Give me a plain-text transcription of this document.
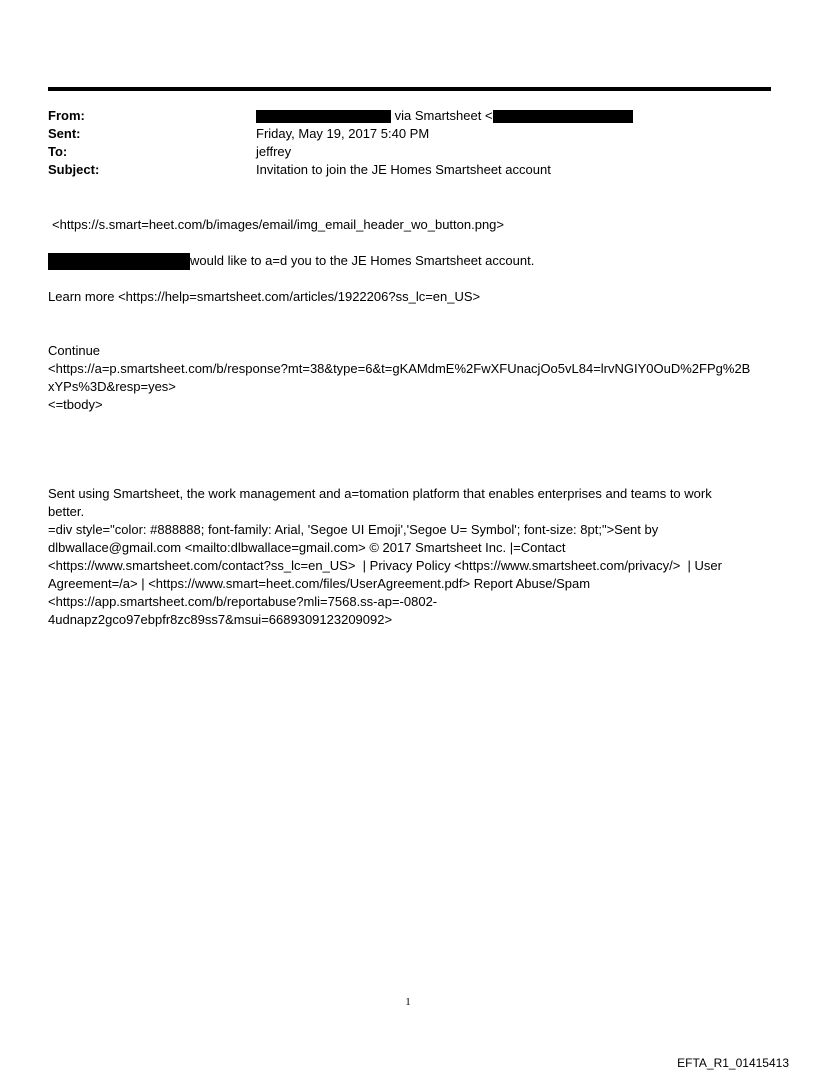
From:	via Smartsheet <
Sent:	Friday, May 19, 2017 5:40 PM
To:	jeffrey
Subject:	Invitation to join the JE Homes Smartsheet account
<https://s.smart=heet.com/b/images/email/img_email_header_wo_button.png>
would like to a=d you to the JE Homes Smartsheet account.
Learn more <https://help=smartsheet.com/articles/1922206?ss_lc=en_US>
Continue
<https://a=p.smartsheet.com/b/response?mt=38&type=6&t=gKAMdmE%2FwXFUnacjOo5vL84=lrvNGIY0OuD%2FPg%2B
xYPs%3D&resp=yes>
<=tbody>
Sent using Smartsheet, the work management and a=tomation platform that enables enterprises and teams to work
better.
=div style="color: #888888; font-family: Arial, 'Segoe UI Emoji','Segoe U= Symbol'; font-size: 8pt;">Sent by
dlbwallace@gmail.com <mailto:dlbwallace=gmail.com> © 2017 Smartsheet Inc. |=Contact
<https://www.smartsheet.com/contact?ss_lc=en_US>  | Privacy Policy <https://www.smartsheet.com/privacy/>  | User
Agreement=/a> | <https://www.smart=heet.com/files/UserAgreement.pdf> Report Abuse/Spam
<https://app.smartsheet.com/b/reportabuse?mli=7568.ss-ap=-0802-
4udnapz2gco97ebpfr8zc89ss7&msui=6689309123209092>
1
EFTA_R1_01415413
